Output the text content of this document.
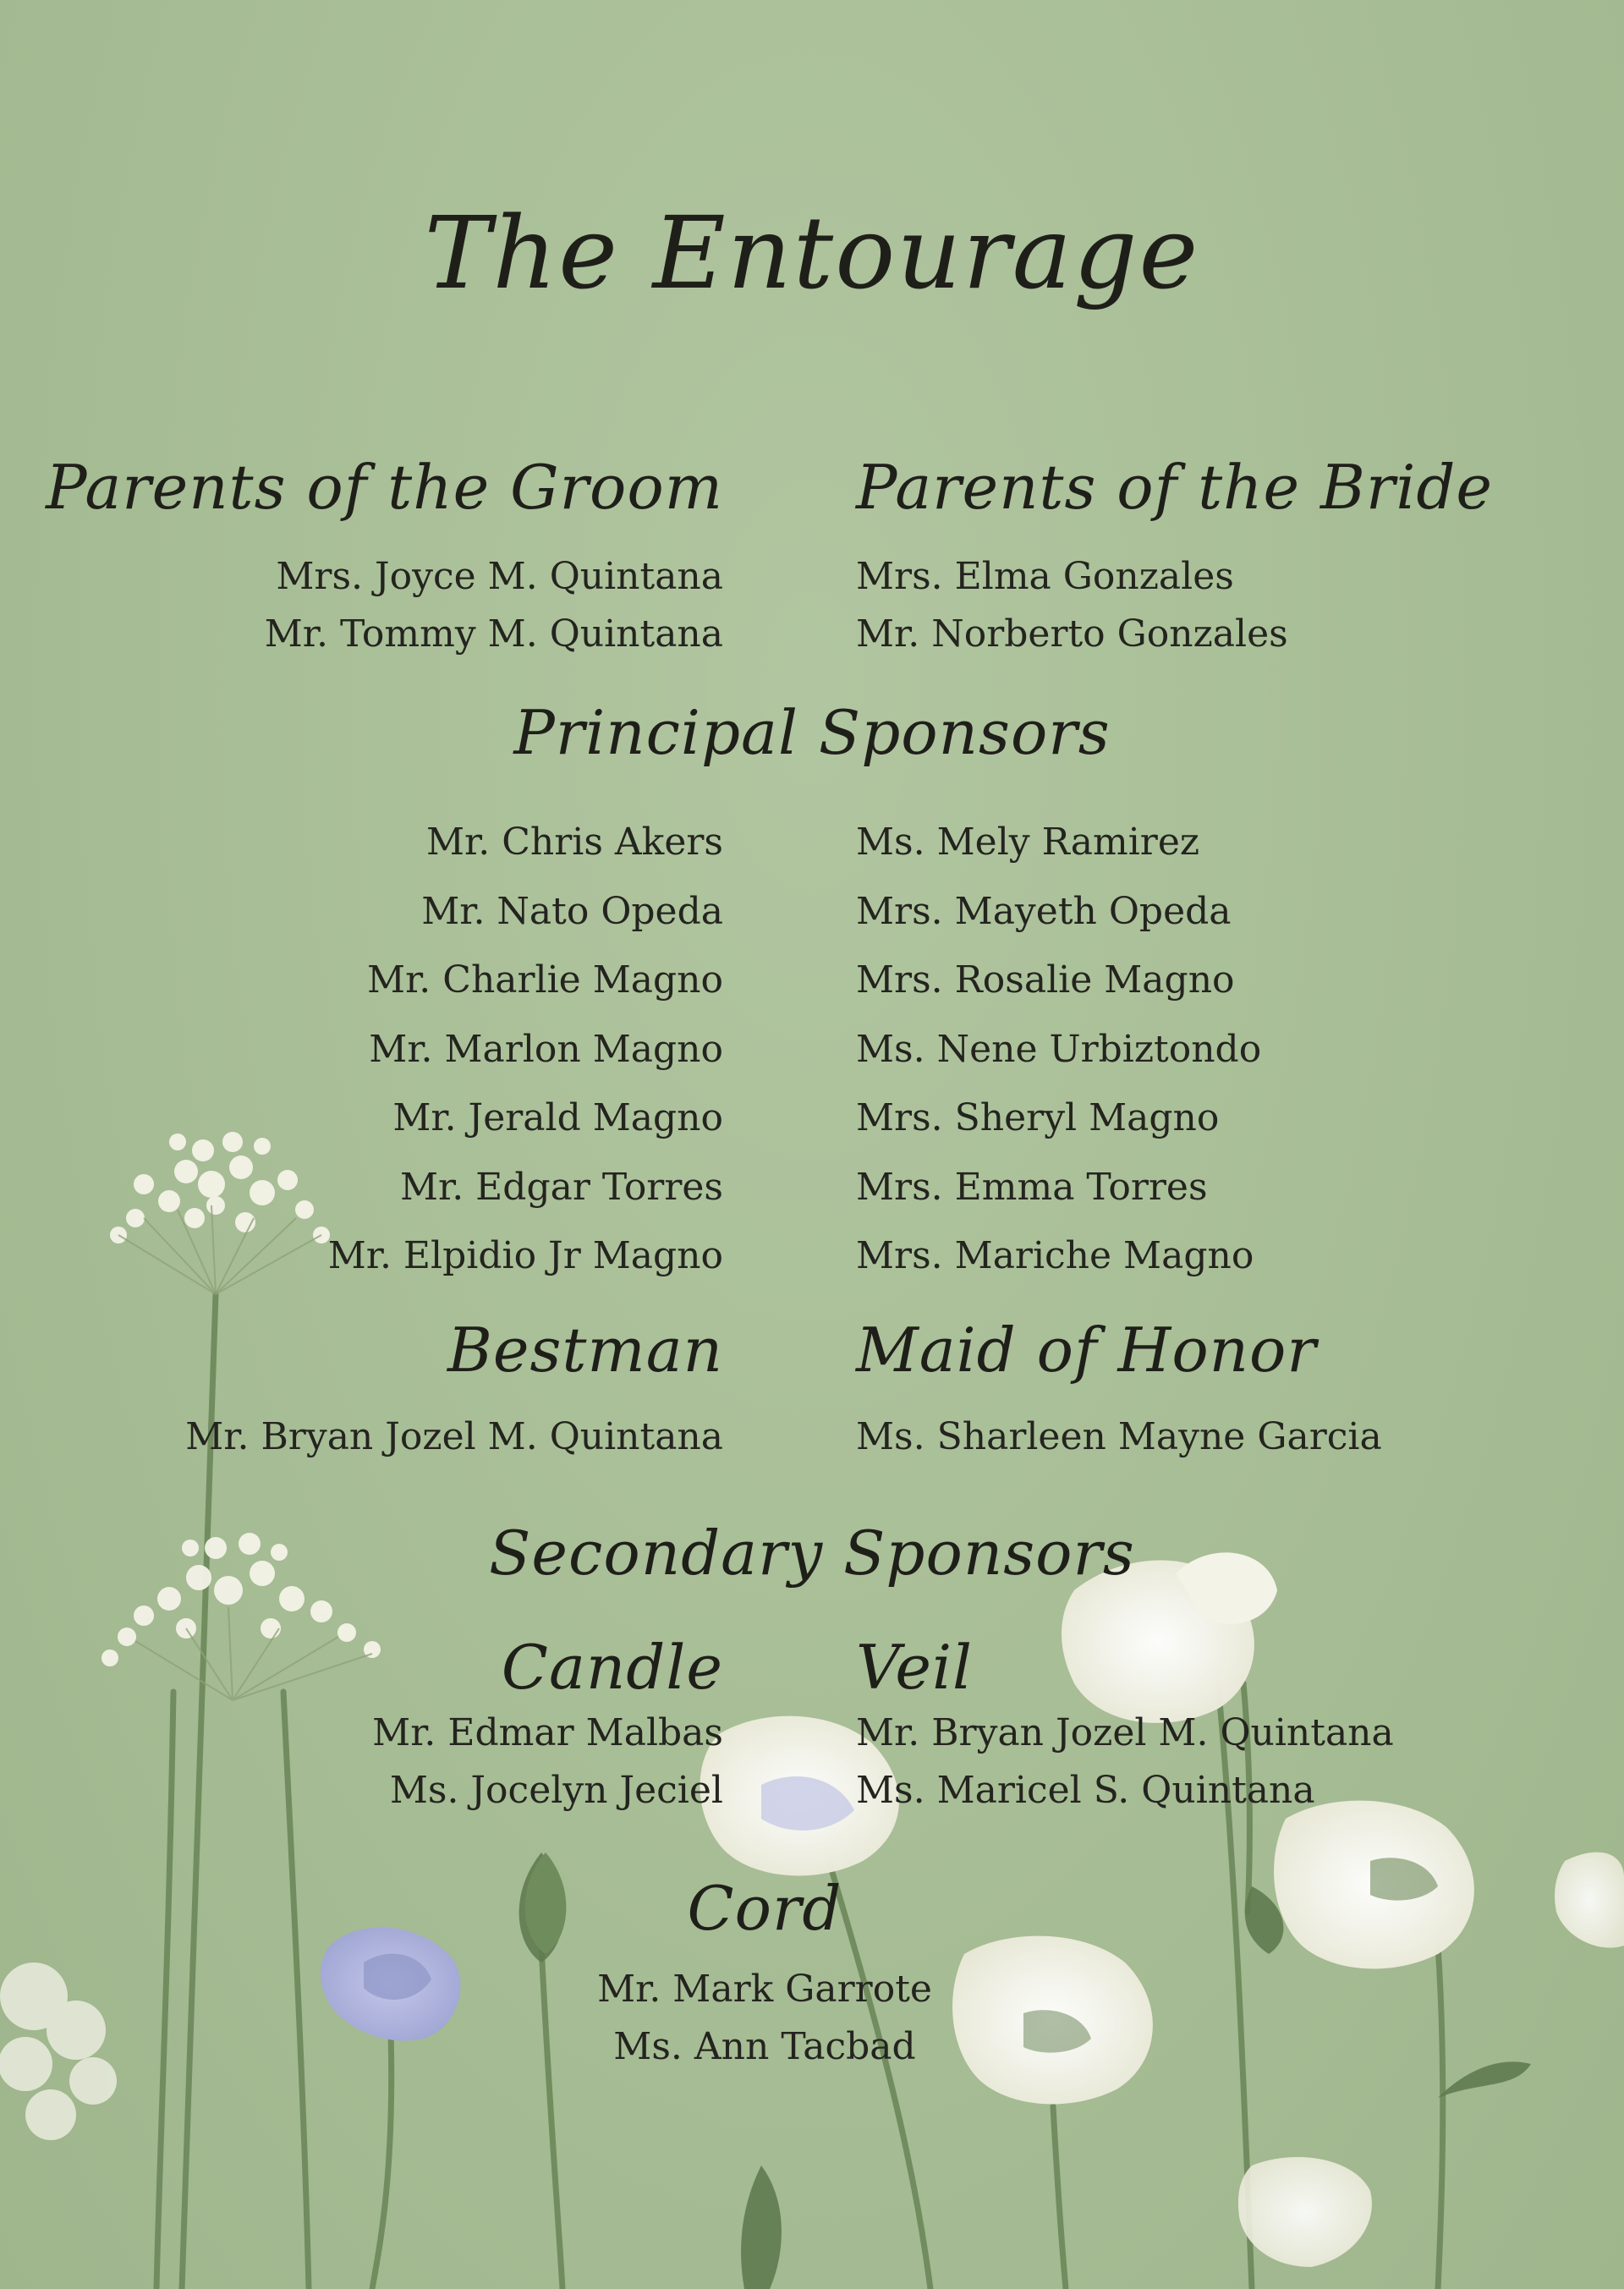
The Entourage
Parents of the Groom
Mrs. Joyce M. Quintana
Mr. Tommy M. Quintana
Parents of the Bride
Mrs. Elma Gonzales
Mr. Norberto Gonzales
Principal Sponsors
Mr. Chris Akers
Mr. Nato Opeda
Mr. Charlie Magno
Mr. Marlon Magno
Mr. Jerald Magno
Mr. Edgar Torres
Mr. Elpidio Jr Magno
Ms. Mely Ramirez
Mrs. Mayeth Opeda
Mrs. Rosalie Magno
Ms. Nene Urbiztondo
Mrs. Sheryl Magno
Mrs. Emma Torres
Mrs. Mariche Magno
Bestman
Mr. Bryan Jozel M. Quintana
Maid of Honor
Ms. Sharleen Mayne Garcia
Secondary Sponsors
Candle
Mr. Edmar Malbas
Ms. Jocelyn Jeciel
Veil
Mr. Bryan Jozel M. Quintana
Ms. Maricel S. Quintana
Cord
Mr. Mark Garrote
Ms. Ann Tacbad
